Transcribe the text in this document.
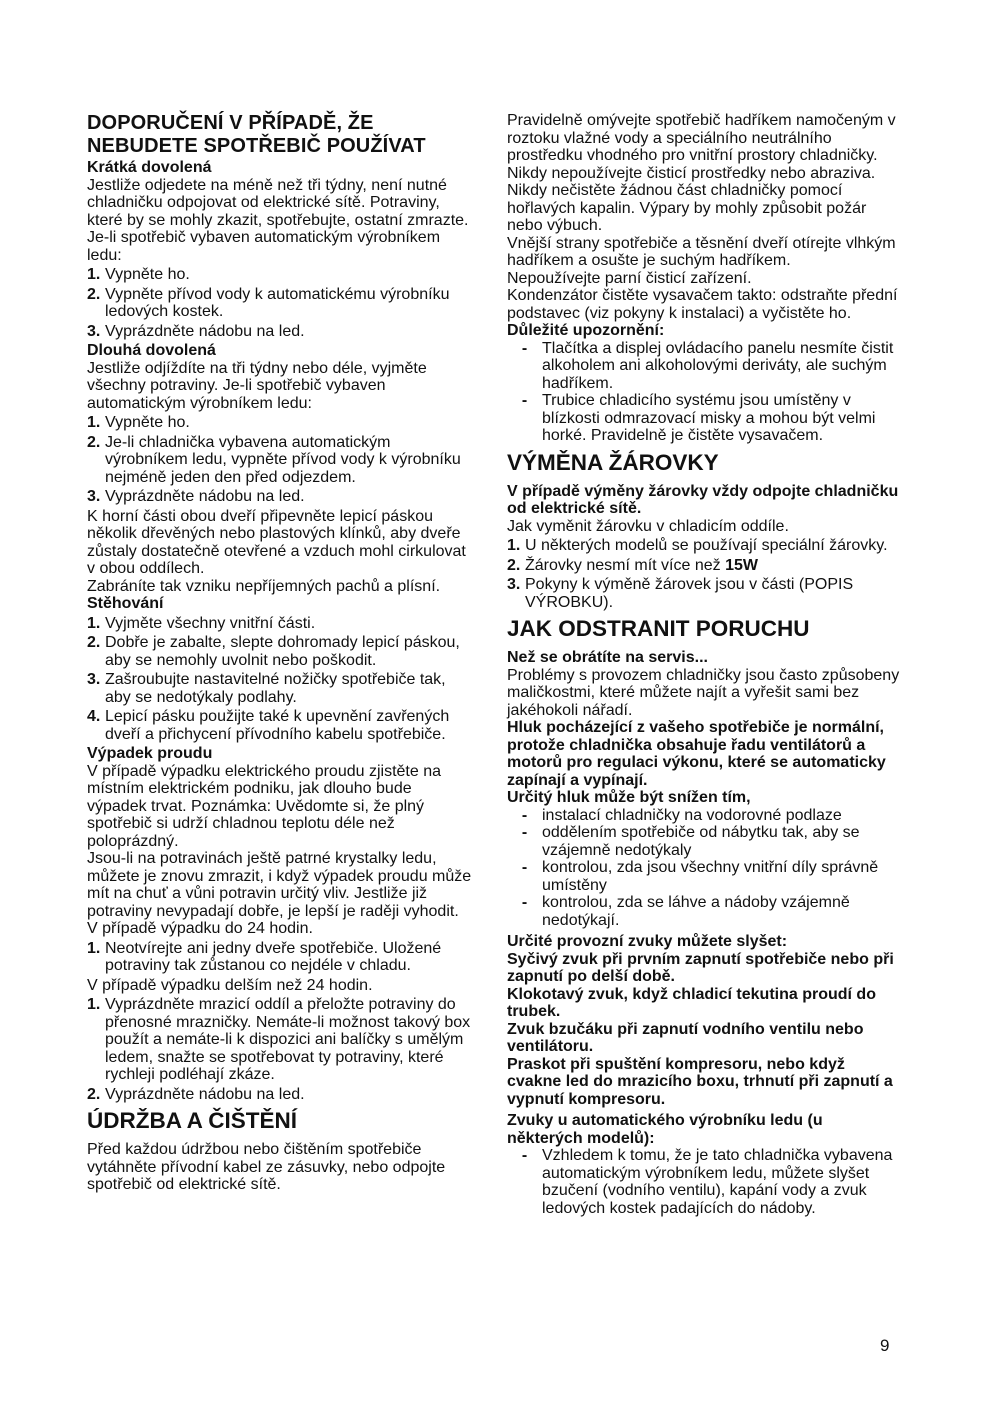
DOPORUČENÍ V PŘÍPADĚ, ŽE NEBUDETE SPOTŘEBIČ POUŽÍVAT
Krátká dovolená

Jestliže odjedete na méně než tři týdny, není nutné chladničku odpojovat od elektrické sítě. Potraviny, které by se mohly zkazit, spotřebujte, ostatní zmrazte.

Je-li spotřebič vybaven automatickým výrobníkem ledu:

1. Vypněte ho.
2. Vypněte přívod vody k automatickému výrobníku ledových kostek.
3. Vyprázdněte nádobu na led.
Dlouhá dovolená

Jestliže odjíždíte na tři týdny nebo déle, vyjměte všechny potraviny. Je-li spotřebič vybaven automatickým výrobníkem ledu:

1. Vypněte ho.
2. Je-li chladnička vybavena automatickým výrobníkem ledu, vypněte přívod vody k výrobníku nejméně jeden den před odjezdem.
3. Vyprázdněte nádobu na led.

K horní části obou dveří připevněte lepicí páskou několik dřevěných nebo plastových klínků, aby dveře zůstaly dostatečně otevřené a vzduch mohl cirkulovat v obou oddílech.

Zabráníte tak vzniku nepříjemných pachů a plísní.

Stěhování
1. Vyjměte všechny vnitřní části.
2. Dobře je zabalte, slepte dohromady lepicí páskou, aby se nemohly uvolnit nebo poškodit.
3. Zašroubujte nastavitelné nožičky spotřebiče tak, aby se nedotýkaly podlahy.
4. Lepicí pásku použijte také k upevnění zavřených dveří a přichycení přívodního kabelu spotřebiče.
Výpadek proudu

V případě výpadku elektrického proudu zjistěte na místním elektrickém podniku, jak dlouho bude výpadek trvat. Poznámka: Uvědomte si, že plný spotřebič si udrží chladnou teplotu déle než poloprázdný.

Jsou-li na potravinách ještě patrné krystalky ledu, můžete je znovu zmrazit, i když výpadek proudu může mít na chuť a vůni potravin určitý vliv. Jestliže již potraviny nevypadají dobře, je lepší je raději vyhodit.

V případě výpadku do 24 hodin.

1. Neotvírejte ani jedny dveře spotřebiče. Uložené potraviny tak zůstanou co nejdéle v chladu.

V případě výpadku delším než 24 hodin.

1. Vyprázdněte mrazicí oddíl a přeložte potraviny do přenosné mrazničky. Nemáte-li možnost takový box použít a nemáte-li k dispozici ani balíčky s umělým ledem, snažte se spotřebovat ty potraviny, které rychleji podléhají zkáze.
2. Vyprázdněte nádobu na led.
ÚDRŽBA A ČIŠTĚNÍ

Před každou údržbou nebo čištěním spotřebiče vytáhněte přívodní kabel ze zásuvky, nebo odpojte spotřebič od elektrické sítě.

Pravidelně omývejte spotřebič hadříkem namočeným v roztoku vlažné vody a speciálního neutrálního prostředku vhodného pro vnitřní prostory chladničky.

Nikdy nepoužívejte čisticí prostředky nebo abraziva. Nikdy nečistěte žádnou část chladničky pomocí hořlavých kapalin. Výpary by mohly způsobit požár nebo výbuch.

Vnější strany spotřebiče a těsnění dveří otírejte vlhkým hadříkem a osušte je suchým hadříkem.

Nepoužívejte parní čisticí zařízení.

Kondenzátor čistěte vysavačem takto: odstraňte přední podstavec (viz pokyny k instalaci) a vyčistěte ho.

Důležité upozornění:
- Tlačítka a displej ovládacího panelu nesmíte čistit alkoholem ani alkoholovými deriváty, ale suchým hadříkem.
- Trubice chladicího systému jsou umístěny v blízkosti odmrazovací misky a mohou být velmi horké. Pravidelně je čistěte vysavačem.
VÝMĚNA ŽÁROVKY

V případě výměny žárovky vždy odpojte chladničku od elektrické sítě.

Jak vyměnit žárovku v chladicím oddíle.

1. U některých modelů se používají speciální žárovky.
2. Žárovky nesmí mít více než 15W
3. Pokyny k výměně žárovek jsou v části (POPIS VÝROBKU).
JAK ODSTRANIT PORUCHU
Než se obrátíte na servis...

Problémy s provozem chladničky jsou často způsobeny maličkostmi, které můžete najít a vyřešit sami bez jakéhokoli nářadí.

Hluk pocházející z vašeho spotřebiče je normální, protože chladnička obsahuje řadu ventilátorů a motorů pro regulaci výkonu, které se automaticky zapínají a vypínají.

Určitý hluk může být snížen tím,

- instalací chladničky na vodorovné podlaze
- oddělením spotřebiče od nábytku tak, aby se vzájemně nedotýkaly
- kontrolou, zda jsou všechny vnitřní díly správně umístěny
- kontrolou, zda se láhve a nádoby vzájemně nedotýkají.

Určité provozní zvuky můžete slyšet:

Syčivý zvuk při prvním zapnutí spotřebiče nebo při zapnutí po delší době.

Klokotavý zvuk, když chladicí tekutina proudí do trubek.

Zvuk bzučáku při zapnutí vodního ventilu nebo ventilátoru.

Praskot při spuštění kompresoru, nebo když cvakne led do mrazicího boxu, trhnutí při zapnutí a vypnutí kompresoru.

Zvuky u automatického výrobníku ledu (u některých modelů):

- Vzhledem k tomu, že je tato chladnička vybavena automatickým výrobníkem ledu, můžete slyšet bzučení (vodního ventilu), kapání vody a zvuk ledových kostek padajících do nádoby.
9
